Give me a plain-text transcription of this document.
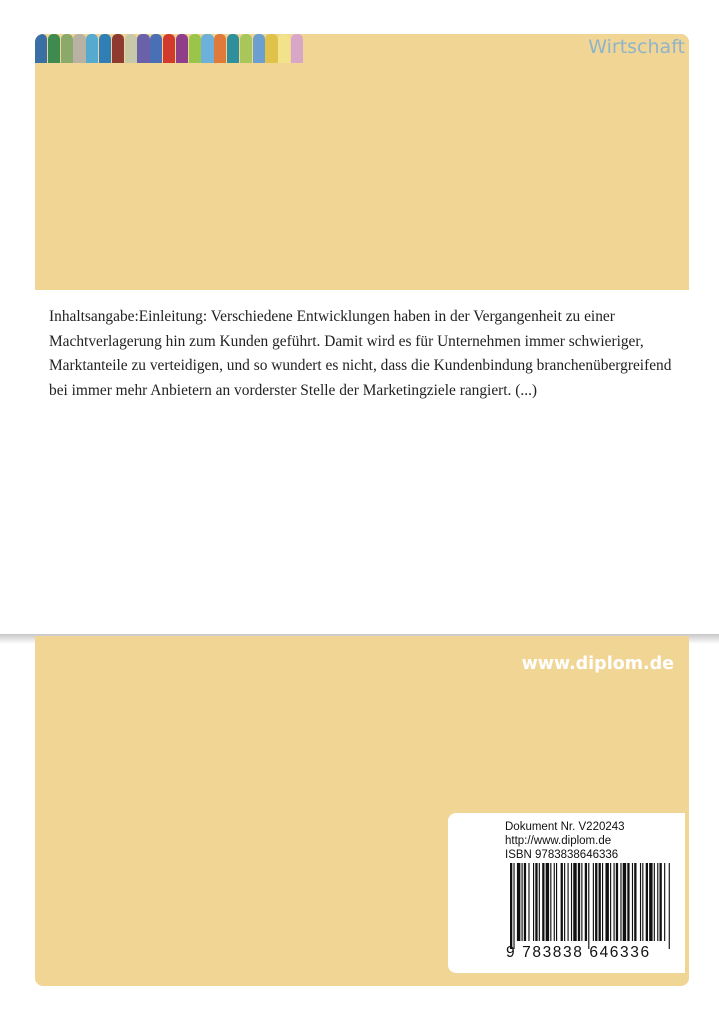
Wirtschaft

Inhaltsangabe:Einleitung: Verschiedene Entwicklungen haben in der Vergangenheit zu einer Machtverlagerung hin zum Kunden geführt. Damit wird es für Unternehmen immer schwieriger, Marktanteile zu verteidigen, und so wundert es nicht, dass die Kundenbindung branchenübergreifend bei immer mehr Anbietern an vorderster Stelle der Marketingziele rangiert. (...)

www.diplom.de
Dokument Nr. V220243
http://www.diplom.de
ISBN 9783838646336
9 783838 646336
